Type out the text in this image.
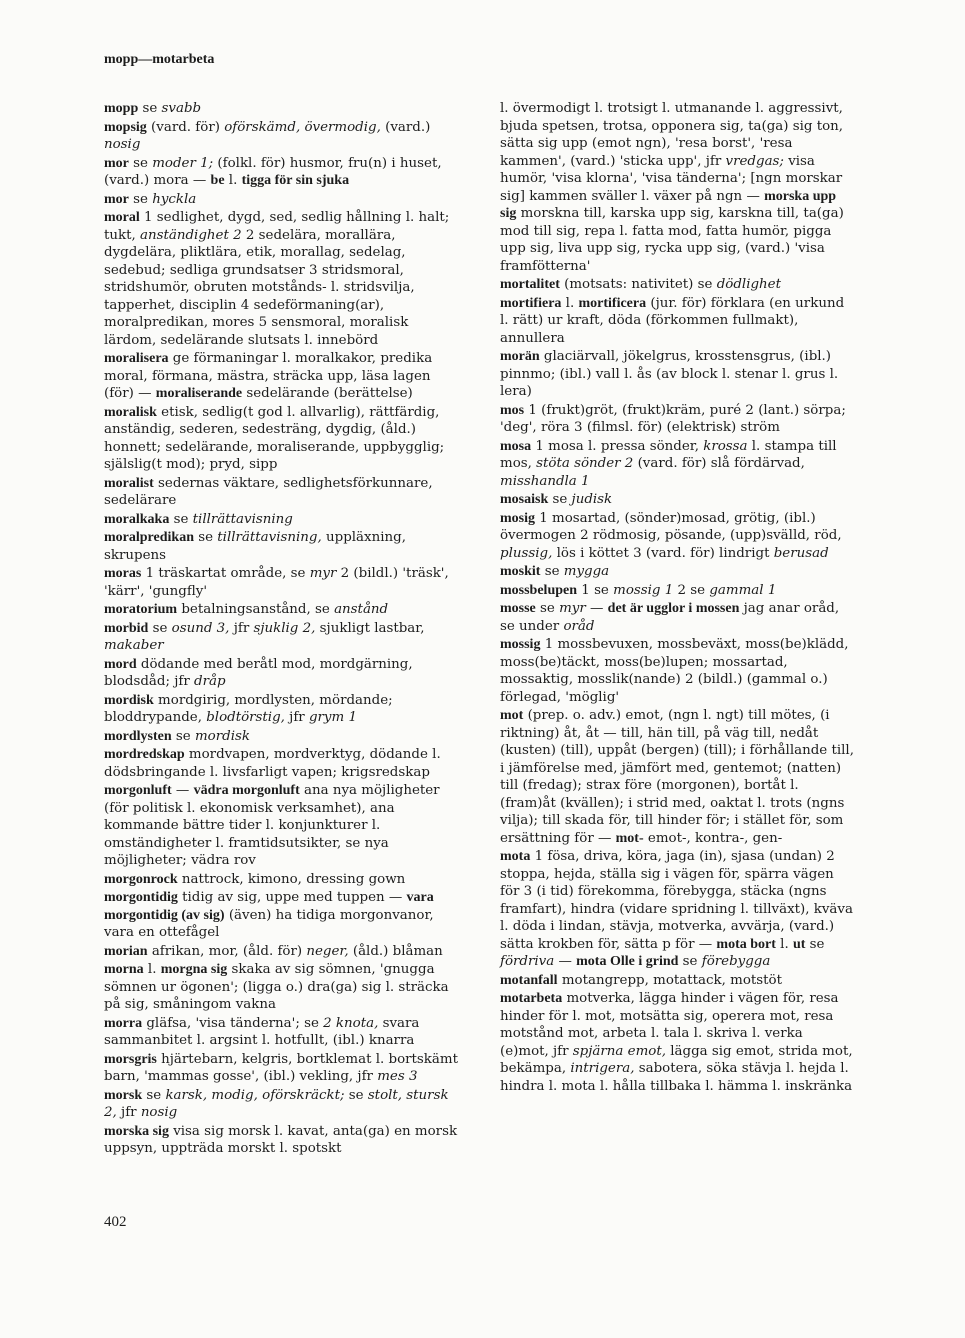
mopp—motarbeta

mopp se svabb

mopsig (vard. för) oförskämd, övermodig, (vard.) nosig

mor se moder 1; (folkl. för) husmor, fru(n) i huset, (vard.) mora — be l. tigga för sin sjuka

mor se hyckla

moral 1 sedlighet, dygd, sed, sedlig hållning l. halt; tukt, anständighet 2 2 sedelära, morallära, dygdelära, pliktlära, etik, morallag, sedelag, sedebud; sedliga grundsatser 3 stridsmoral, stridshumör, obruten motstånds- l. stridsvilja, tapperhet, disciplin 4 sedeförmaning(ar), moralpredikan, mores 5 sensmoral, moralisk lärdom, sedelärande slutsats l. innebörd

moralisera ge förmaningar l. moralkakor, predika moral, förmana, mästra, sträcka upp, läsa lagen (för) — moraliserande sedelärande (berättelse)

moralisk etisk, sedlig(t god l. allvarlig), rättfärdig, anständig, sederen, sedesträng, dygdig, (åld.) honnett; sedelärande, moraliserande, uppbygglig; själslig(t mod); pryd, sipp

moralist sedernas väktare, sedlighetsförkunnare, sedelärare

moralkaka se tillrättavisning

moralpredikan se tillrättavisning, uppläxning, skrupens

moras 1 träskartat område, se myr 2 (bildl.) 'träsk', 'kärr', 'gungfly'

moratorium betalningsanstånd, se anstånd

morbid se osund 3, jfr sjuklig 2, sjukligt lastbar, makaber

mord dödande med beråtl mod, mordgärning, blodsdåd; jfr dråp

mordisk mordgirig, mordlysten, mördande; bloddrypande, blodtörstig, jfr grym 1

mordlysten se mordisk

mordredskap mordvapen, mordverktyg, dödande l. dödsbringande l. livsfarligt vapen; krigsredskap

morgonluft — vädra morgonluft ana nya möjligheter (för politisk l. ekonomisk verksamhet), ana kommande bättre tider l. konjunkturer l. omständigheter l. framtidsutsikter, se nya möjligheter; vädra rov

morgonrock nattrock, kimono, dressing gown

morgontidig tidig av sig, uppe med tuppen — vara morgontidig (av sig) (även) ha tidiga morgonvanor, vara en ottefågel

morian afrikan, mor, (åld. för) neger, (åld.) blåman

morna l. morgna sig skaka av sig sömnen, 'gnugga sömnen ur ögonen'; (ligga o.) dra(ga) sig l. sträcka på sig, småningom vakna

morra gläfsa, 'visa tänderna'; se 2 knota, svara sammanbitet l. argsint l. hotfullt, (ibl.) knarra

morsgris hjärtebarn, kelgris, bortklemat l. bortskämt barn, 'mammas gosse', (ibl.) vekling, jfr mes 3

morsk se karsk, modig, oförskräckt; se stolt, stursk 2, jfr nosig

morska sig visa sig morsk l. kavat, anta(ga) en morsk uppsyn, uppträda morskt l. spotskt

l. övermodigt l. trotsigt l. utmanande l. aggressivt, bjuda spetsen, trotsa, opponera sig, ta(ga) sig ton, sätta sig upp (emot ngn), 'resa borst', 'resa kammen', (vard.) 'sticka upp', jfr vredgas; visa humör, 'visa klorna', 'visa tänderna'; [ngn morskar sig] kammen sväller l. växer på ngn — morska upp sig morskna till, karska upp sig, karskna till, ta(ga) mod till sig, repa l. fatta mod, fatta humör, pigga upp sig, liva upp sig, rycka upp sig, (vard.) 'visa framfötterna'

mortalitet (motsats: nativitet) se dödlighet

mortifiera l. mortificera (jur. för) förklara (en urkund l. rätt) ur kraft, döda (förkommen fullmakt), annullera

morän glaciärvall, jökelgrus, krosstensgrus, (ibl.) pinnmo; (ibl.) vall l. ås (av block l. stenar l. grus l. lera)

mos 1 (frukt)gröt, (frukt)kräm, puré 2 (lant.) sörpa; 'deg', röra 3 (filmsl. för) (elektrisk) ström

mosa 1 mosa l. pressa sönder, krossa l. stampa till mos, stöta sönder 2 (vard. för) slå fördärvad, misshandla 1

mosaisk se judisk

mosig 1 mosartad, (sönder)mosad, grötig, (ibl.) övermogen 2 rödmosig, pösande, (upp)svälld, röd, plussig, lös i köttet 3 (vard. för) lindrigt berusad

moskit se mygga

mossbelupen 1 se mossig 1 2 se gammal 1

mosse se myr — det är ugglor i mossen jag anar oråd, se under oråd

mossig 1 mossbevuxen, mossbeväxt, moss(be)klädd, moss(be)täckt, moss(be)lupen; mossartad, mossaktig, mosslik(nande) 2 (bildl.) (gammal o.) förlegad, 'möglig'

mot (prep. o. adv.) emot, (ngn l. ngt) till mötes, (i riktning) åt, åt — till, hän till, på väg till, nedåt (kusten) (till), uppåt (bergen) (till); i förhållande till, i jämförelse med, jämfört med, gentemot; (natten) till (fredag); strax före (morgonen), bortåt l. (fram)åt (kvällen); i strid med, oaktat l. trots (ngns vilja); till skada för, till hinder för; i stället för, som ersättning för — mot- emot-, kontra-, gen-

mota 1 fösa, driva, köra, jaga (in), sjasa (undan) 2 stoppa, hejda, ställa sig i vägen för, spärra vägen för 3 (i tid) förekomma, förebygga, stäcka (ngns framfart), hindra (vidare spridning l. tillväxt), kväva l. döda i lindan, stävja, motverka, avvärja, (vard.) sätta krokben för, sätta p för — mota bort l. ut se fördriva — mota Olle i grind se förebygga

motanfall motangrepp, motattack, motstöt

motarbeta motverka, lägga hinder i vägen för, resa hinder för l. mot, motsätta sig, operera mot, resa motstånd mot, arbeta l. tala l. skriva l. verka (e)mot, jfr spjärna emot, lägga sig emot, strida mot, bekämpa, intrigera, sabotera, söka stävja l. hejda l. hindra l. mota l. hålla tillbaka l. hämma l. inskränka

402
